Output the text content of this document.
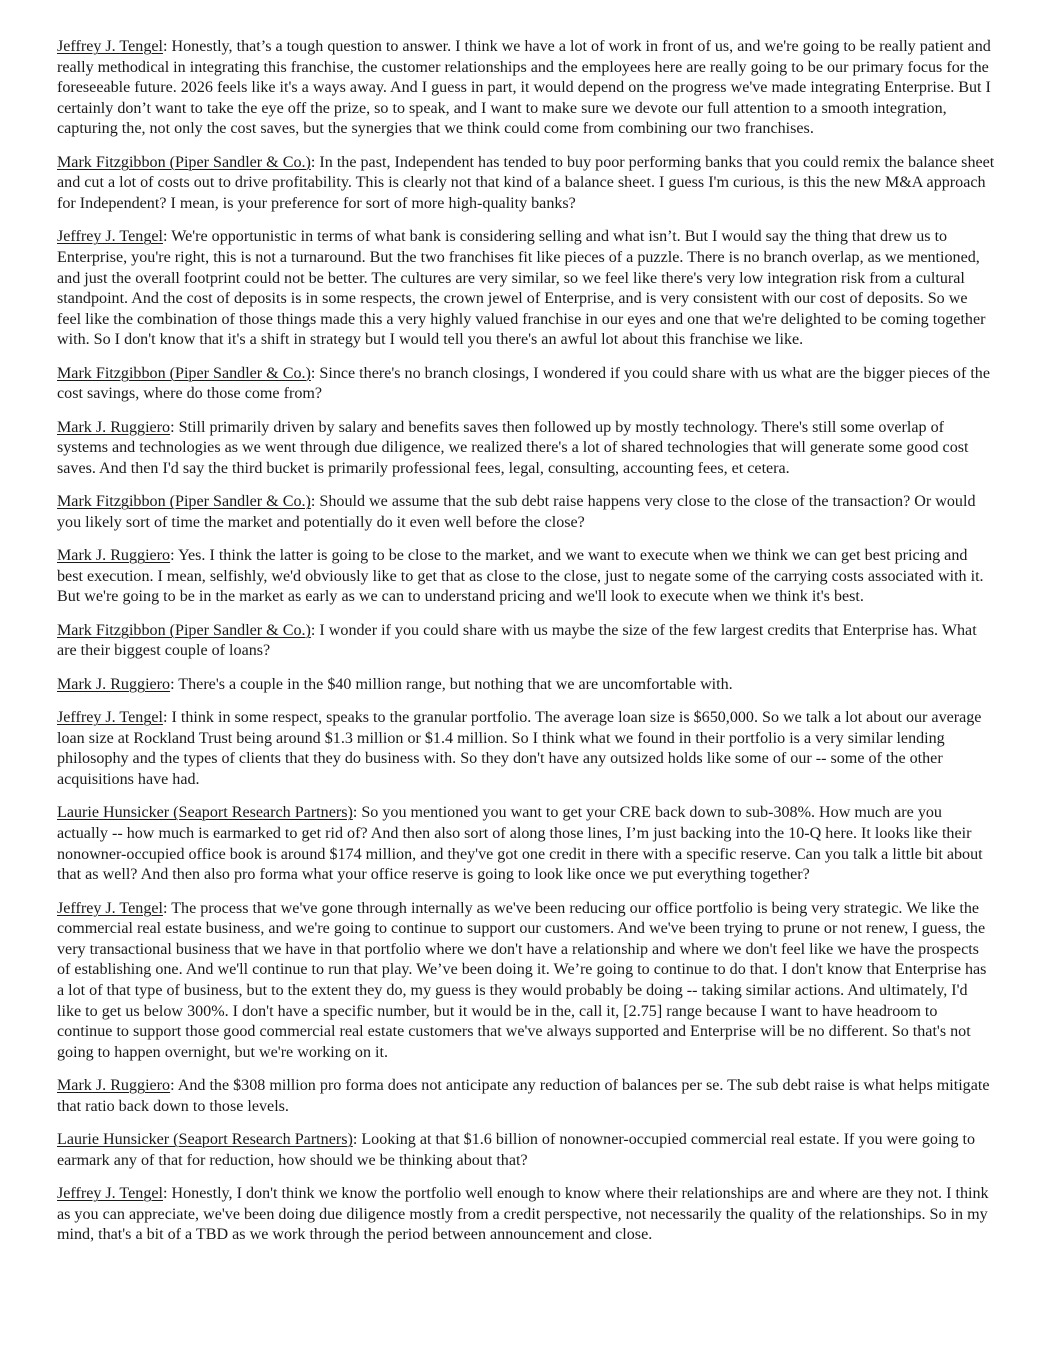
Jeffrey J. Tengel: Honestly, that’s a tough question to answer. I think we have a lot of work in front of us, and we're going to be really patient and really methodical in integrating this franchise, the customer relationships and the employees here are really going to be our primary focus for the foreseeable future. 2026 feels like it's a ways away. And I guess in part, it would depend on the progress we've made integrating Enterprise. But I certainly don’t want to take the eye off the prize, so to speak, and I want to make sure we devote our full attention to a smooth integration, capturing the, not only the cost saves, but the synergies that we think could come from combining our two franchises.

Mark Fitzgibbon (Piper Sandler & Co.): In the past, Independent has tended to buy poor performing banks that you could remix the balance sheet and cut a lot of costs out to drive profitability. This is clearly not that kind of a balance sheet. I guess I'm curious, is this the new M&A approach for Independent? I mean, is your preference for sort of more high-quality banks?

Jeffrey J. Tengel: We're opportunistic in terms of what bank is considering selling and what isn’t. But I would say the thing that drew us to Enterprise, you're right, this is not a turnaround. But the two franchises fit like pieces of a puzzle. There is no branch overlap, as we mentioned, and just the overall footprint could not be better. The cultures are very similar, so we feel like there's very low integration risk from a cultural standpoint. And the cost of deposits is in some respects, the crown jewel of Enterprise, and is very consistent with our cost of deposits. So we feel like the combination of those things made this a very highly valued franchise in our eyes and one that we're delighted to be coming together with. So I don't know that it's a shift in strategy but I would tell you there's an awful lot about this franchise we like.

Mark Fitzgibbon (Piper Sandler & Co.): Since there's no branch closings, I wondered if you could share with us what are the bigger pieces of the cost savings, where do those come from?

Mark J. Ruggiero: Still primarily driven by salary and benefits saves then followed up by mostly technology. There's still some overlap of systems and technologies as we went through due diligence, we realized there's a lot of shared technologies that will generate some good cost saves. And then I'd say the third bucket is primarily professional fees, legal, consulting, accounting fees, et cetera.

Mark Fitzgibbon (Piper Sandler & Co.): Should we assume that the sub debt raise happens very close to the close of the transaction? Or would you likely sort of time the market and potentially do it even well before the close?

Mark J. Ruggiero: Yes. I think the latter is going to be close to the market, and we want to execute when we think we can get best pricing and best execution. I mean, selfishly, we'd obviously like to get that as close to the close, just to negate some of the carrying costs associated with it. But we're going to be in the market as early as we can to understand pricing and we'll look to execute when we think it's best.

Mark Fitzgibbon (Piper Sandler & Co.): I wonder if you could share with us maybe the size of the few largest credits that Enterprise has. What are their biggest couple of loans?

Mark J. Ruggiero: There's a couple in the $40 million range, but nothing that we are uncomfortable with.

Jeffrey J. Tengel: I think in some respect, speaks to the granular portfolio. The average loan size is $650,000. So we talk a lot about our average loan size at Rockland Trust being around $1.3 million or $1.4 million. So I think what we found in their portfolio is a very similar lending philosophy and the types of clients that they do business with. So they don't have any outsized holds like some of our -- some of the other acquisitions have had.

Laurie Hunsicker (Seaport Research Partners): So you mentioned you want to get your CRE back down to sub-308%. How much are you actually -- how much is earmarked to get rid of? And then also sort of along those lines, I’m just backing into the 10-Q here. It looks like their nonowner-occupied office book is around $174 million, and they've got one credit in there with a specific reserve. Can you talk a little bit about that as well? And then also pro forma what your office reserve is going to look like once we put everything together?

Jeffrey J. Tengel: The process that we've gone through internally as we've been reducing our office portfolio is being very strategic. We like the commercial real estate business, and we're going to continue to support our customers. And we've been trying to prune or not renew, I guess, the very transactional business that we have in that portfolio where we don't have a relationship and where we don't feel like we have the prospects of establishing one. And we'll continue to run that play. We’ve been doing it. We’re going to continue to do that. I don't know that Enterprise has a lot of that type of business, but to the extent they do, my guess is they would probably be doing -- taking similar actions. And ultimately, I'd like to get us below 300%. I don't have a specific number, but it would be in the, call it, [2.75] range because I want to have headroom to continue to support those good commercial real estate customers that we've always supported and Enterprise will be no different. So that's not going to happen overnight, but we're working on it.

Mark J. Ruggiero: And the $308 million pro forma does not anticipate any reduction of balances per se. The sub debt raise is what helps mitigate that ratio back down to those levels.

Laurie Hunsicker (Seaport Research Partners): Looking at that $1.6 billion of nonowner-occupied commercial real estate. If you were going to earmark any of that for reduction, how should we be thinking about that?

Jeffrey J. Tengel: Honestly, I don't think we know the portfolio well enough to know where their relationships are and where are they not. I think as you can appreciate, we've been doing due diligence mostly from a credit perspective, not necessarily the quality of the relationships. So in my mind, that's a bit of a TBD as we work through the period between announcement and close.
